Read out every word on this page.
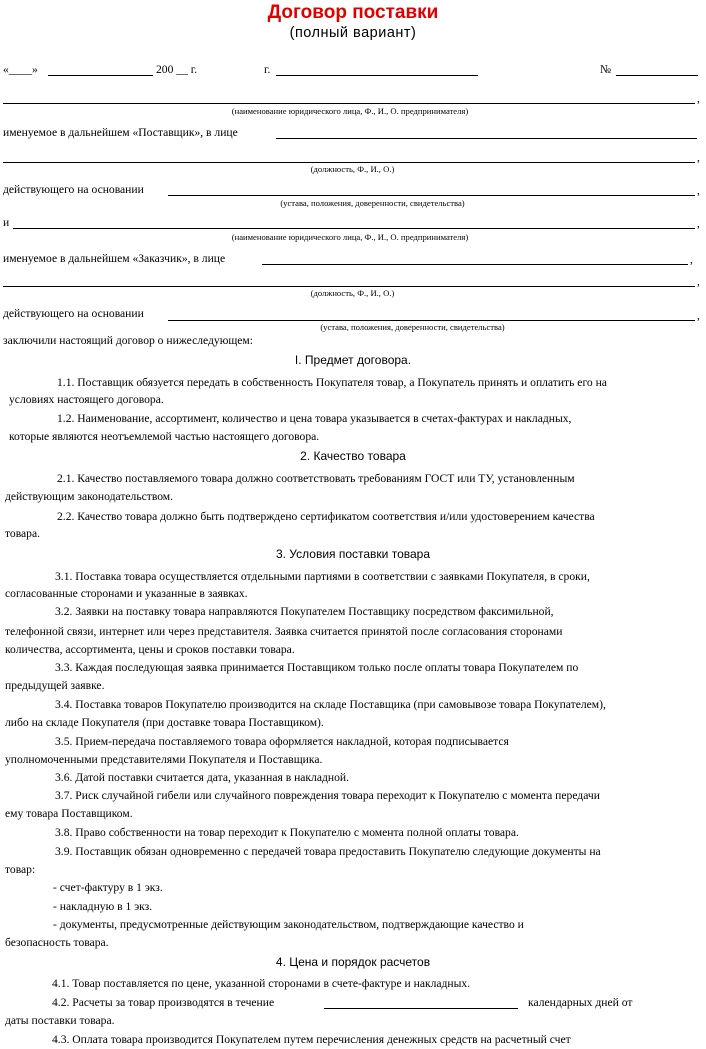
Договор поставки
(полный вариант)
«____»	200 __ г.	г.	№
,
(наименование юридического лица, Ф., И., О. предпринимателя)
именуемое в дальнейшем «Поставщик», в лице
,
(должность, Ф., И., О.)
действующего на основании	,
(устава, положения, доверенности, свидетельства)
и	,
(наименование юридического лица, Ф., И., О. предпринимателя)
именуемое в дальнейшем «Заказчик», в лице	,
,
(должность, Ф., И., О.)
действующего на основании	,
(устава, положения, доверенности, свидетельства)
заключили настоящий договор о нижеследующем:
I. Предмет договора.
1.1. Поставщик обязуется передать в собственность Покупателя товар, а Покупатель принять и оплатить его на
условиях настоящего договора.
1.2. Наименование, ассортимент, количество и цена товара указывается в счетах-фактурах и накладных,
которые являются неотъемлемой частью настоящего договора.
2. Качество товара
2.1. Качество поставляемого товара должно соответствовать требованиям ГОСТ или ТУ, установленным
действующим законодательством.
2.2. Качество товара должно быть подтверждено сертификатом соответствия и/или удостоверением качества
товара.
3. Условия поставки товара
3.1. Поставка товара осуществляется отдельными партиями в соответствии с заявками Покупателя, в сроки,
согласованные сторонами и указанные в заявках.
3.2. Заявки на поставку товара направляются Покупателем Поставщику посредством факсимильной,
телефонной связи, интернет или через представителя. Заявка считается принятой после согласования сторонами
количества, ассортимента, цены и сроков поставки товара.
3.3. Каждая последующая заявка принимается Поставщиком только после оплаты товара Покупателем по
предыдущей заявке.
3.4. Поставка товаров Покупателю производится на складе Поставщика (при самовывозе товара Покупателем),
либо на складе Покупателя (при доставке товара Поставщиком).
3.5. Прием-передача поставляемого товара оформляется накладной, которая подписывается
уполномоченными представителями Покупателя и Поставщика.
3.6. Датой поставки считается дата, указанная в накладной.
3.7. Риск случайной гибели или случайного повреждения товара переходит к Покупателю с момента передачи
ему товара Поставщиком.
3.8. Право собственности на товар переходит к Покупателю с момента полной оплаты товара.
3.9. Поставщик обязан одновременно с передачей товара предоставить Покупателю следующие документы на
товар:
- счет-фактуру в 1 экз.
- накладную в 1 экз.
- документы, предусмотренные действующим законодательством, подтверждающие качество и
безопасность товара.
4. Цена и порядок расчетов
4.1. Товар поставляется по цене, указанной сторонами в счете-фактуре и накладных.
4.2. Расчеты за товар производятся в течение	календарных дней от
даты поставки товара.
4.3. Оплата товара производится Покупателем путем перечисления денежных средств на расчетный счет
